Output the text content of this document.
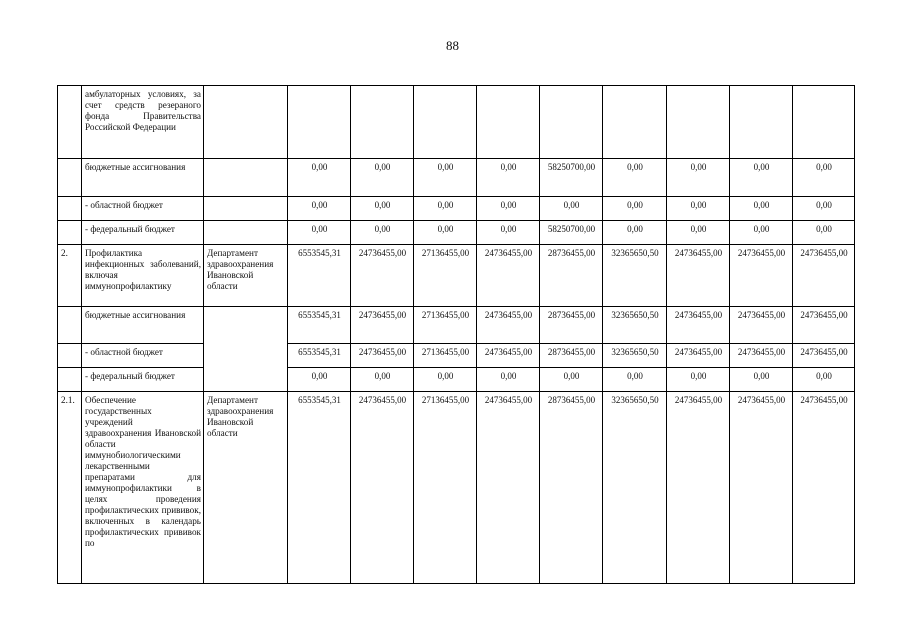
88
	амбулаторных условиях, за счет средств резераного фонда Правительства Российской Федерации										
	бюджетные ассигнования		0,00	0,00	0,00	0,00	58250700,00	0,00	0,00	0,00	0,00
	- областной бюджет		0,00	0,00	0,00	0,00	0,00	0,00	0,00	0,00	0,00
	- федеральный бюджет		0,00	0,00	0,00	0,00	58250700,00	0,00	0,00	0,00	0,00
2.	Профилактика инфекционных заболеваний, включая иммунопрофилактику	Департамент здравоохранения Ивановской области	6553545,31	24736455,00	27136455,00	24736455,00	28736455,00	32365650,50	24736455,00	24736455,00	24736455,00
	бюджетные ассигнования		6553545,31	24736455,00	27136455,00	24736455,00	28736455,00	32365650,50	24736455,00	24736455,00	24736455,00
	- областной бюджет		6553545,31	24736455,00	27136455,00	24736455,00	28736455,00	32365650,50	24736455,00	24736455,00	24736455,00
	- федеральный бюджет		0,00	0,00	0,00	0,00	0,00	0,00	0,00	0,00	0,00
2.1.	Обеспечение государственных учреждений здравоохранения Ивановской области иммунобиологическими лекарственными препаратами для иммунопрофилактики в целях проведения профилактических прививок, включенных в календарь профилактических прививок по	Департамент здравоохранения Ивановской области	6553545,31	24736455,00	27136455,00	24736455,00	28736455,00	32365650,50	24736455,00	24736455,00	24736455,00
